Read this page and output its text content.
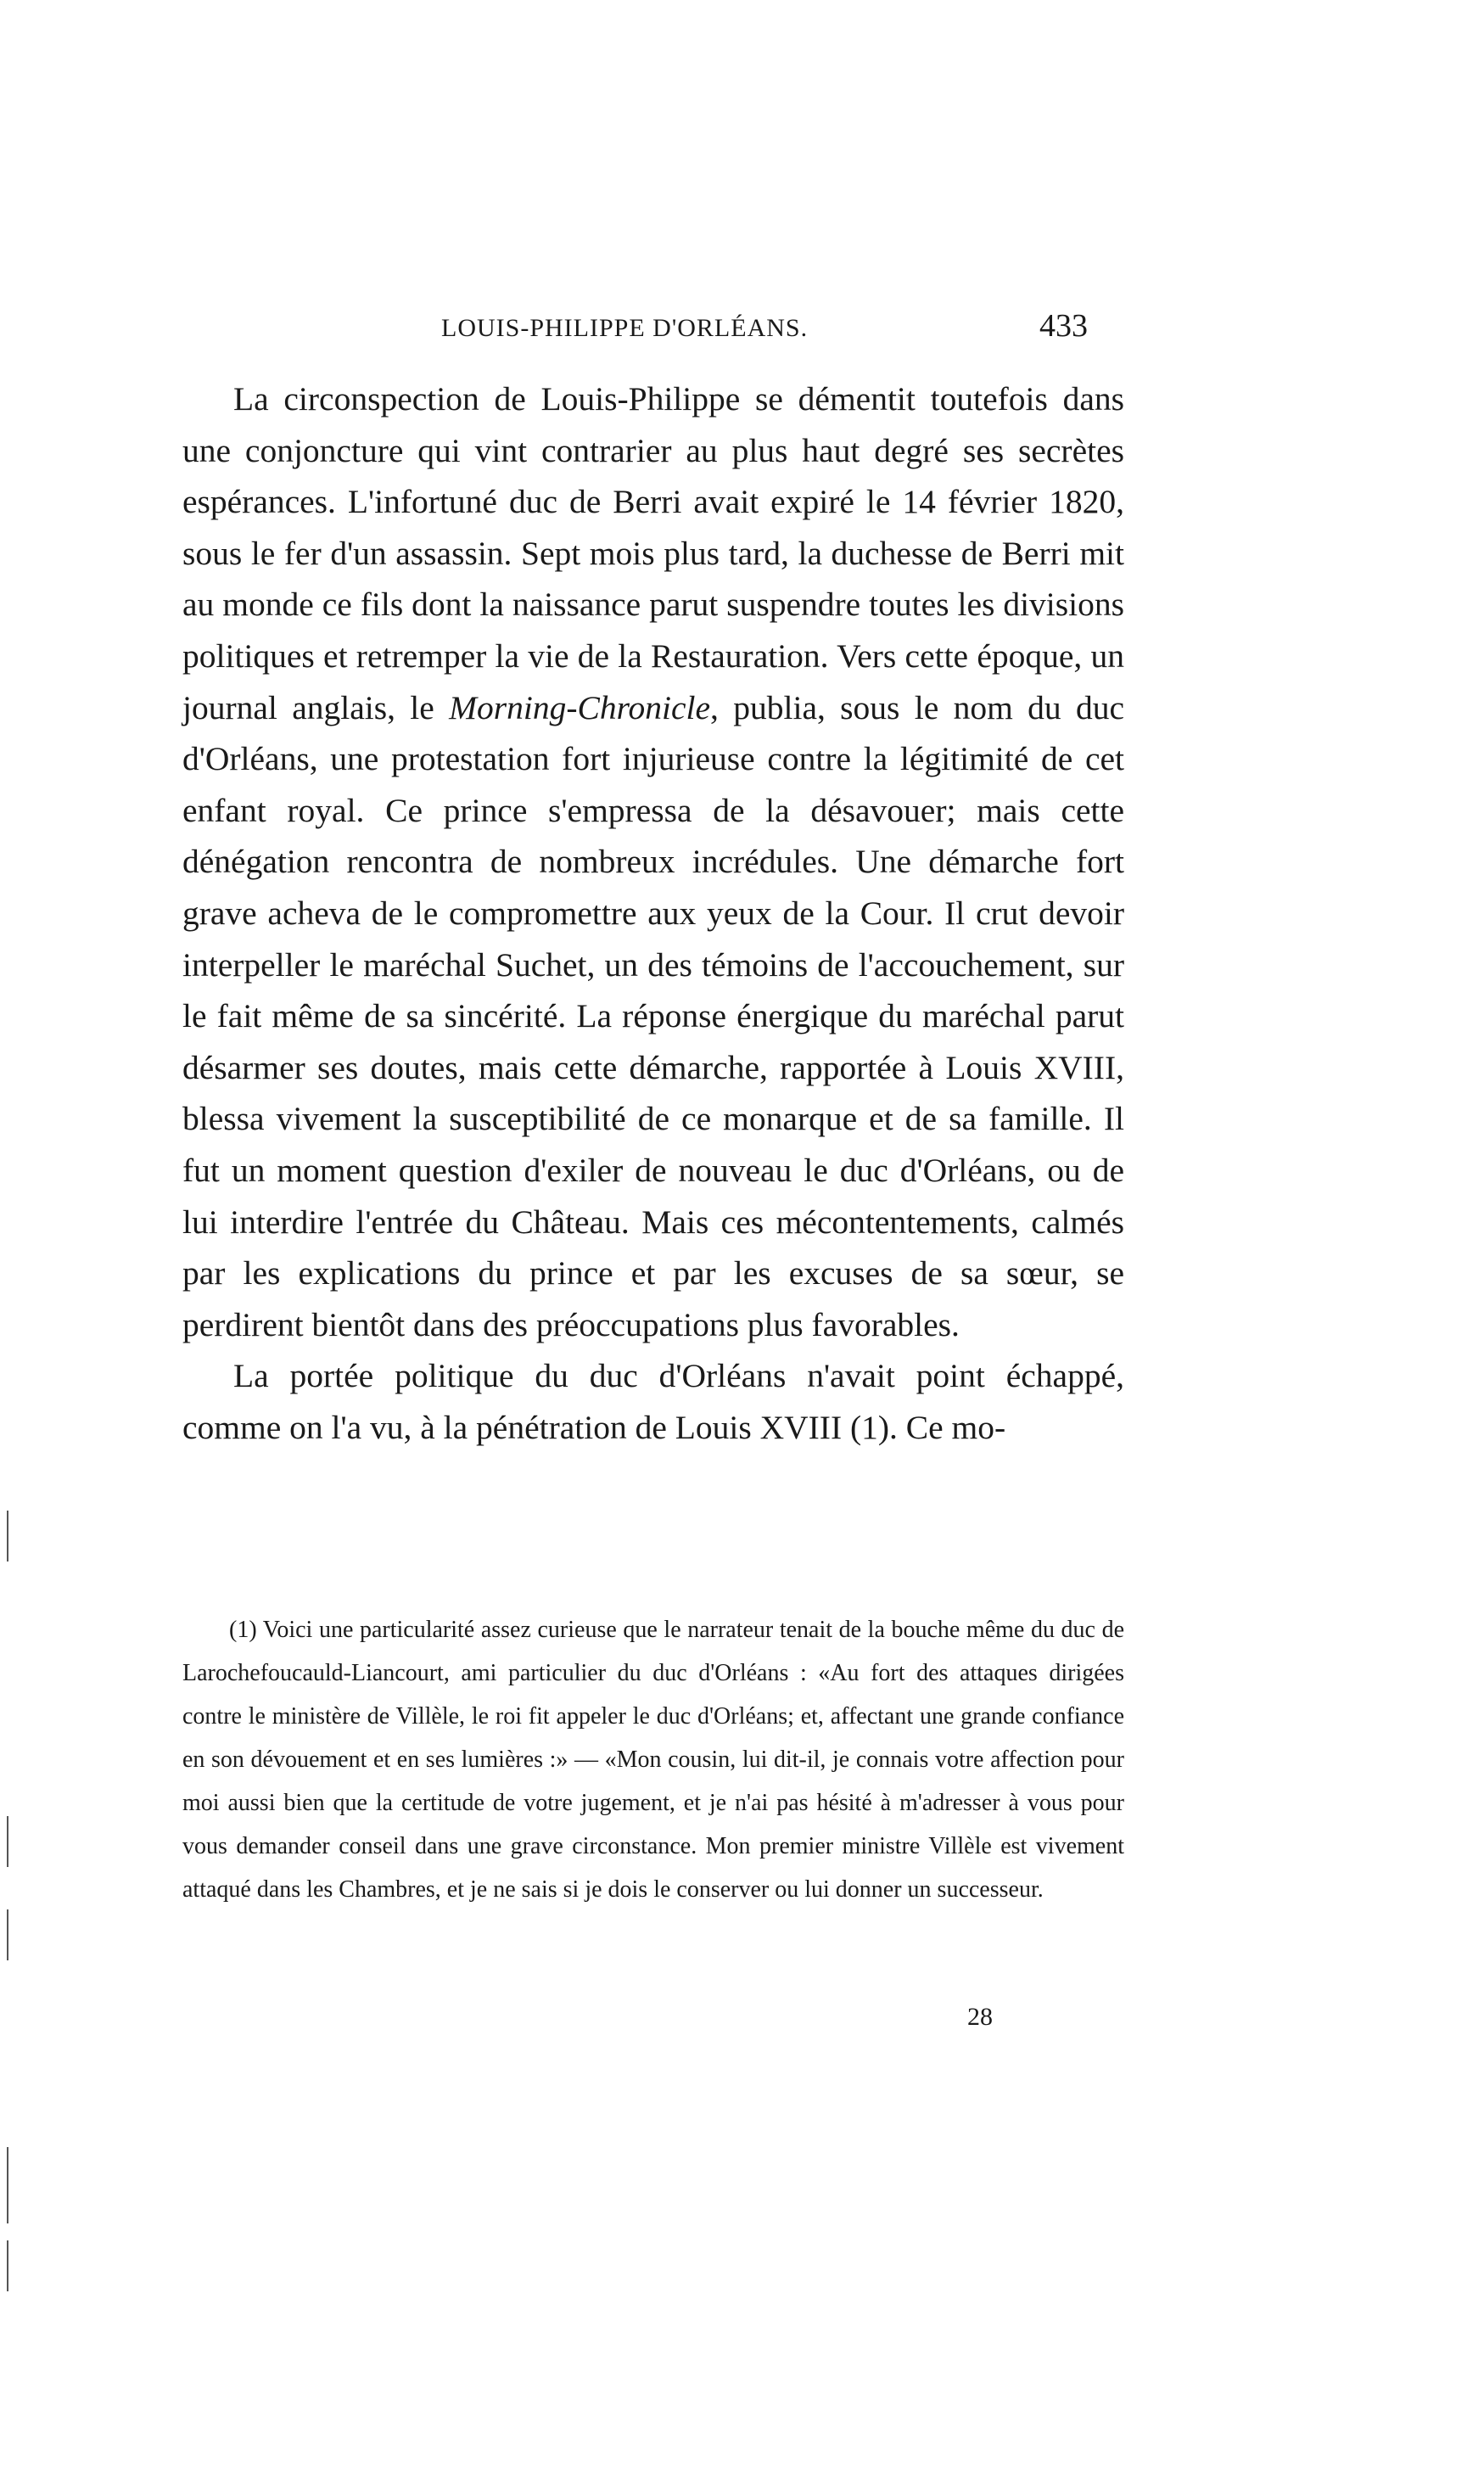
LOUIS-PHILIPPE D'ORLÉANS.	433

La circonspection de Louis-Philippe se démentit toutefois dans une conjoncture qui vint contrarier au plus haut degré ses secrètes espérances. L'infortuné duc de Berri avait expiré le 14 février 1820, sous le fer d'un assassin. Sept mois plus tard, la duchesse de Berri mit au monde ce fils dont la naissance parut suspendre toutes les divisions politiques et retremper la vie de la Restauration. Vers cette époque, un journal anglais, le Morning-Chronicle, publia, sous le nom du duc d'Orléans, une protestation fort injurieuse contre la légitimité de cet enfant royal. Ce prince s'empressa de la désavouer; mais cette dénégation rencontra de nombreux incrédules. Une démarche fort grave acheva de le compromettre aux yeux de la Cour. Il crut devoir interpeller le maréchal Suchet, un des témoins de l'accouchement, sur le fait même de sa sincérité. La réponse énergique du maréchal parut désarmer ses doutes, mais cette démarche, rapportée à Louis XVIII, blessa vivement la susceptibilité de ce monarque et de sa famille. Il fut un moment question d'exiler de nouveau le duc d'Orléans, ou de lui interdire l'entrée du Château. Mais ces mécontentements, calmés par les explications du prince et par les excuses de sa sœur, se perdirent bientôt dans des préoccupations plus favorables.

La portée politique du duc d'Orléans n'avait point échappé, comme on l'a vu, à la pénétration de Louis XVIII (1). Ce mo-

(1) Voici une particularité assez curieuse que le narrateur tenait de la bouche même du duc de Larochefoucauld-Liancourt, ami particulier du duc d'Orléans : «Au fort des attaques dirigées contre le ministère de Villèle, le roi fit appeler le duc d'Orléans; et, affectant une grande confiance en son dévouement et en ses lumières :» — «Mon cousin, lui dit-il, je connais votre affection pour moi aussi bien que la certitude de votre jugement, et je n'ai pas hésité à m'adresser à vous pour vous demander conseil dans une grave circonstance. Mon premier ministre Villèle est vivement attaqué dans les Chambres, et je ne sais si je dois le conserver ou lui donner un successeur.
28
